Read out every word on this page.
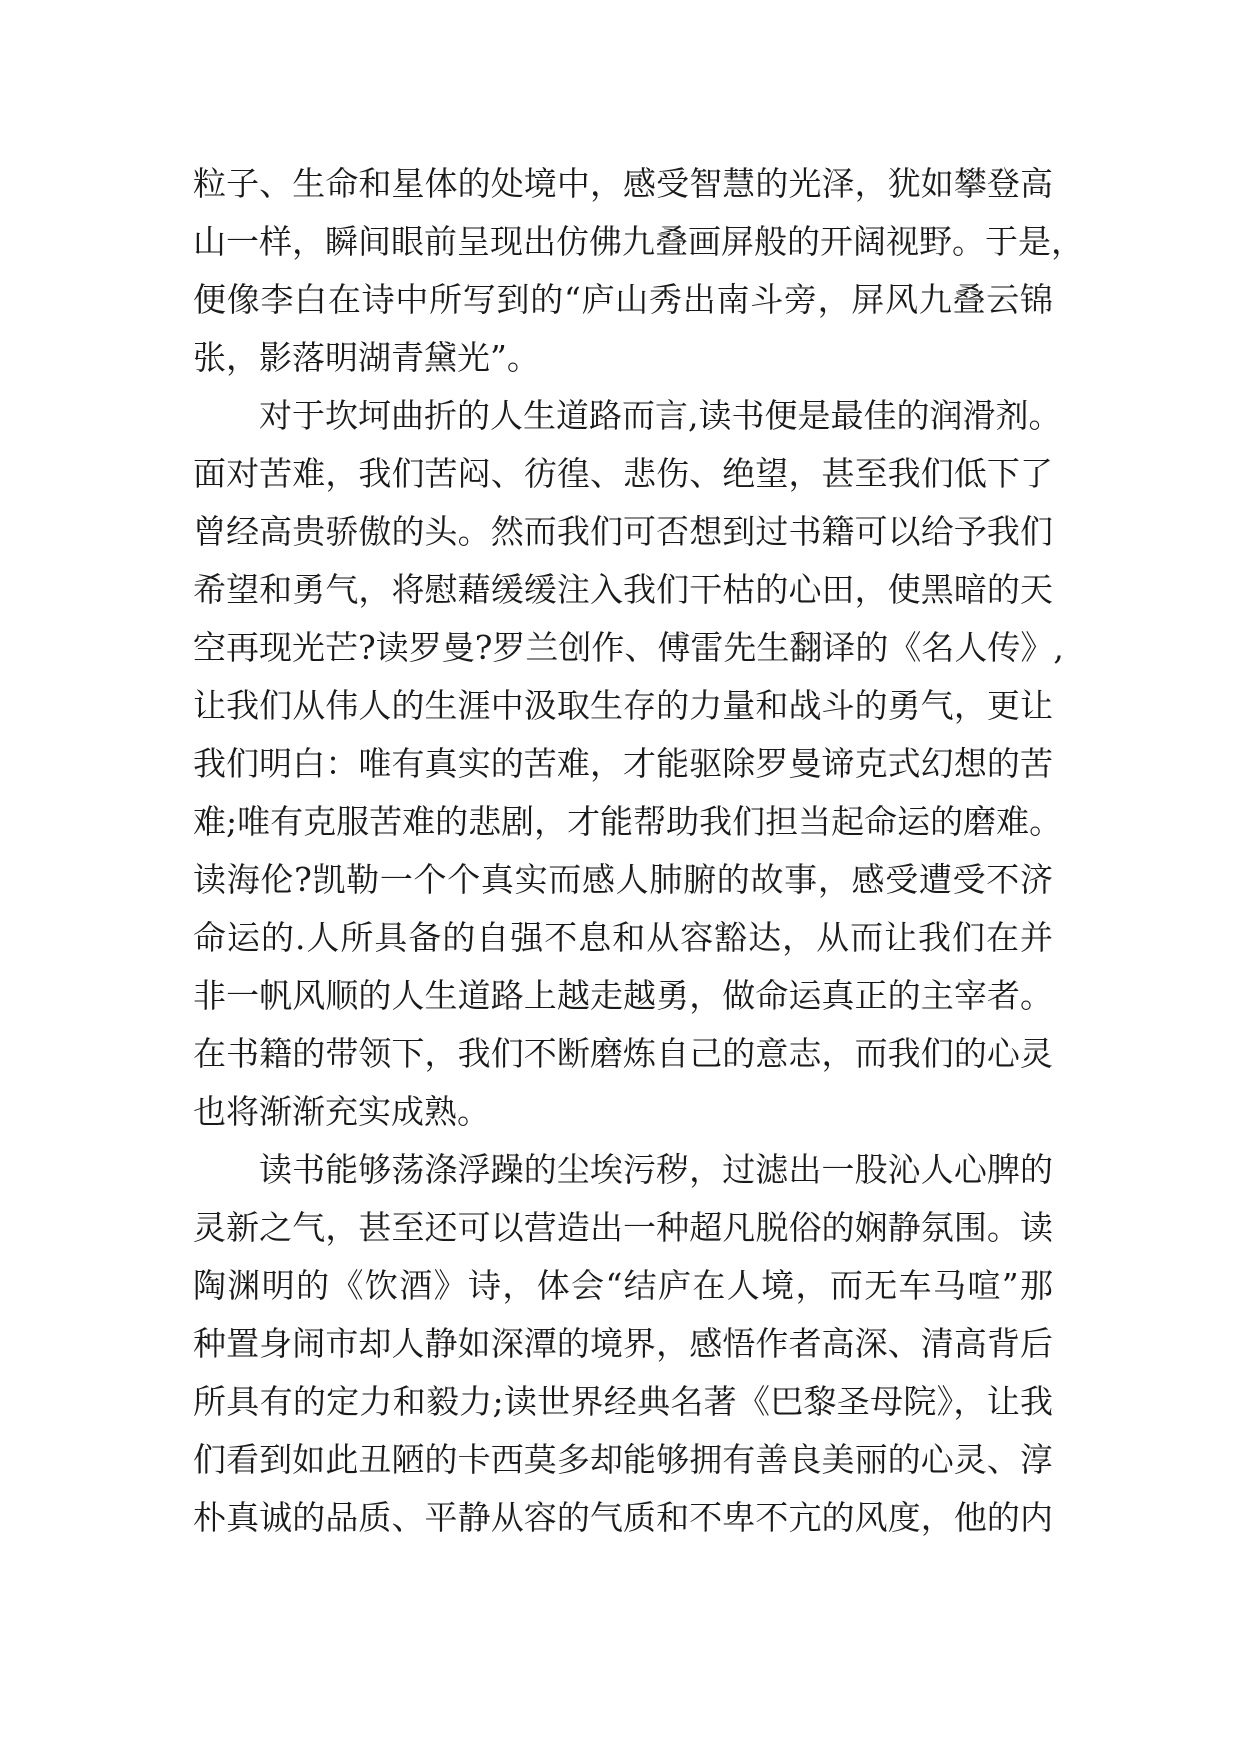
粒子、生命和星体的处境中，感受智慧的光泽，犹如攀登高
山一样，瞬间眼前呈现出仿佛九叠画屏般的开阔视野。于是，
便像李白在诗中所写到的“庐山秀出南斗旁，屏风九叠云锦
张，影落明湖青黛光”。
对于坎坷曲折的人生道路而言,读书便是最佳的润滑剂。
面对苦难，我们苦闷、彷徨、悲伤、绝望，甚至我们低下了
曾经高贵骄傲的头。然而我们可否想到过书籍可以给予我们
希望和勇气，将慰藉缓缓注入我们干枯的心田，使黑暗的天
空再现光芒?读罗曼?罗兰创作、傅雷先生翻译的《名人传》,
让我们从伟人的生涯中汲取生存的力量和战斗的勇气，更让
我们明白：唯有真实的苦难，才能驱除罗曼谛克式幻想的苦
难;唯有克服苦难的悲剧，才能帮助我们担当起命运的磨难。
读海伦?凯勒一个个真实而感人肺腑的故事，感受遭受不济
命运的.人所具备的自强不息和从容豁达，从而让我们在并
非一帆风顺的人生道路上越走越勇，做命运真正的主宰者。
在书籍的带领下，我们不断磨炼自己的意志，而我们的心灵
也将渐渐充实成熟。
读书能够荡涤浮躁的尘埃污秽，过滤出一股沁人心脾的
灵新之气，甚至还可以营造出一种超凡脱俗的娴静氛围。读
陶渊明的《饮酒》诗，体会“结庐在人境，而无车马喧”那
种置身闹市却人静如深潭的境界，感悟作者高深、清高背后
所具有的定力和毅力;读世界经典名著《巴黎圣母院》，让我
们看到如此丑陋的卡西莫多却能够拥有善良美丽的心灵、淳
朴真诚的品质、平静从容的气质和不卑不亢的风度，他的内
